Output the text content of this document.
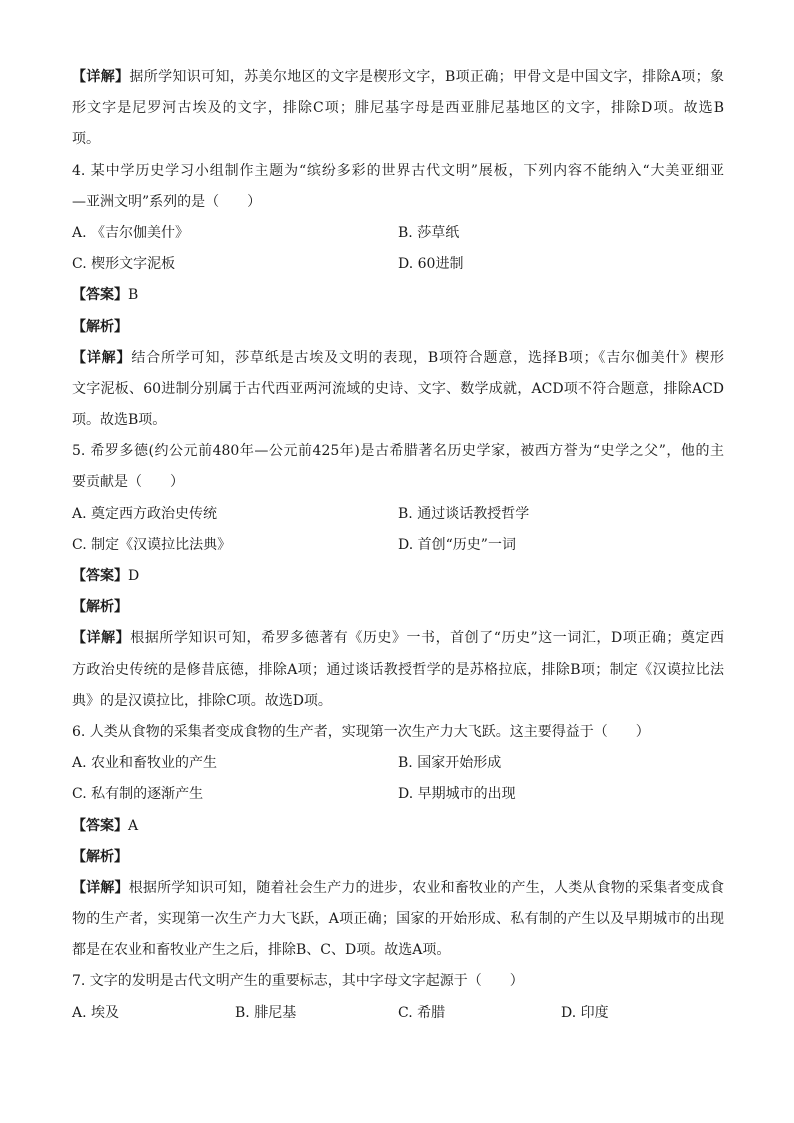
【详解】据所学知识可知，苏美尔地区的文字是楔形文字，B项正确；甲骨文是中国文字，排除A项；象
形文字是尼罗河古埃及的文字，排除C项；腓尼基字母是西亚腓尼基地区的文字，排除D项。故选B
项。
4. 某中学历史学习小组制作主题为“缤纷多彩的世界古代文明”展板，下列内容不能纳入“大美亚细亚
—亚洲文明”系列的是（　　）
A. 《吉尔伽美什》	B. 莎草纸
C. 楔形文字泥板	D. 60进制
【答案】B
【解析】
【详解】结合所学可知，莎草纸是古埃及文明的表现，B项符合题意，选择B项；《吉尔伽美什》楔形
文字泥板、60进制分别属于古代西亚两河流域的史诗、文字、数学成就，ACD项不符合题意，排除ACD
项。故选B项。
5. 希罗多德(约公元前480年—公元前425年)是古希腊著名历史学家，被西方誉为“史学之父”，他的主
要贡献是（　　）
A. 奠定西方政治史传统	B. 通过谈话教授哲学
C. 制定《汉谟拉比法典》	D. 首创“历史”一词
【答案】D
【解析】
【详解】根据所学知识可知，希罗多德著有《历史》一书，首创了“历史”这一词汇，D项正确；奠定西
方政治史传统的是修昔底德，排除A项；通过谈话教授哲学的是苏格拉底，排除B项；制定《汉谟拉比法
典》的是汉谟拉比，排除C项。故选D项。
6. 人类从食物的采集者变成食物的生产者，实现第一次生产力大飞跃。这主要得益于（　　）
A. 农业和畜牧业的产生	B. 国家开始形成
C. 私有制的逐渐产生	D. 早期城市的出现
【答案】A
【解析】
【详解】根据所学知识可知，随着社会生产力的进步，农业和畜牧业的产生，人类从食物的采集者变成食
物的生产者，实现第一次生产力大飞跃，A项正确；国家的开始形成、私有制的产生以及早期城市的出现
都是在农业和畜牧业产生之后，排除B、C、D项。故选A项。
7. 文字的发明是古代文明产生的重要标志，其中字母文字起源于（　　）
A. 埃及	B. 腓尼基	C. 希腊	D. 印度
